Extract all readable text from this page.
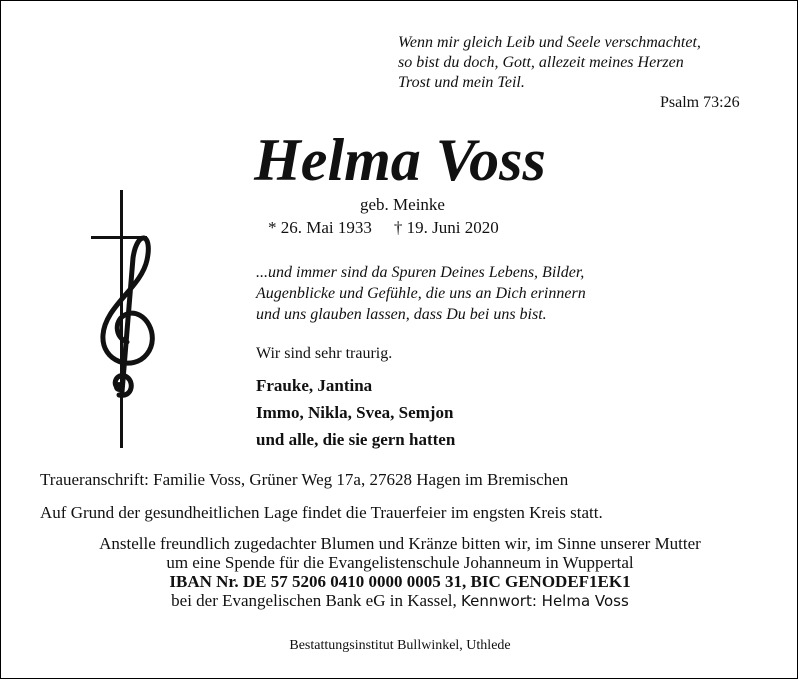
Wenn mir gleich Leib und Seele verschmachtet,
so bist du doch, Gott, allezeit meines Herzen
Trost und mein Teil.
Psalm 73:26
Helma Voss
geb. Meinke
* 26. Mai 1933 † 19. Juni 2020
...und immer sind da Spuren Deines Lebens, Bilder,
Augenblicke und Gefühle, die uns an Dich erinnern
und uns glauben lassen, dass Du bei uns bist.
Wir sind sehr traurig.
Frauke, Jantina
Immo, Nikla, Svea, Semjon
und alle, die sie gern hatten
Traueranschrift: Familie Voss, Grüner Weg 17a, 27628 Hagen im Bremischen
Auf Grund der gesundheitlichen Lage findet die Trauerfeier im engsten Kreis statt.
Anstelle freundlich zugedachter Blumen und Kränze bitten wir, im Sinne unserer Mutter
um eine Spende für die Evangelistenschule Johanneum in Wuppertal
IBAN Nr. DE 57 5206 0410 0000 0005 31, BIC GENODEF1EK1
bei der Evangelischen Bank eG in Kassel, Kennwort: Helma Voss
Bestattungsinstitut Bullwinkel, Uthlede
